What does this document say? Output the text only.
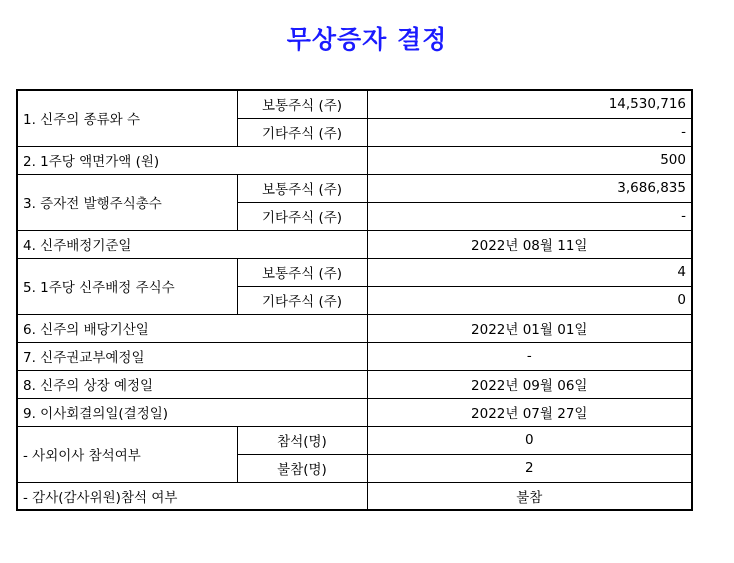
무상증자 결정
1. 신주의 종류와 수	보통주식 (주)	14,530,716
	기타주식 (주)	-
2. 1주당 액면가액 (원)		500
3. 증자전 발행주식총수	보통주식 (주)	3,686,835
	기타주식 (주)	-
4. 신주배정기준일		2022년 08월 11일
5. 1주당 신주배정 주식수	보통주식 (주)	4
	기타주식 (주)	0
6. 신주의 배당기산일		2022년 01월 01일
7. 신주권교부예정일		-
8. 신주의 상장 예정일		2022년 09월 06일
9. 이사회결의일(결정일)		2022년 07월 27일
- 사외이사 참석여부	참석(명)	0
	불참(명)	2
- 감사(감사위원)참석 여부		불참
